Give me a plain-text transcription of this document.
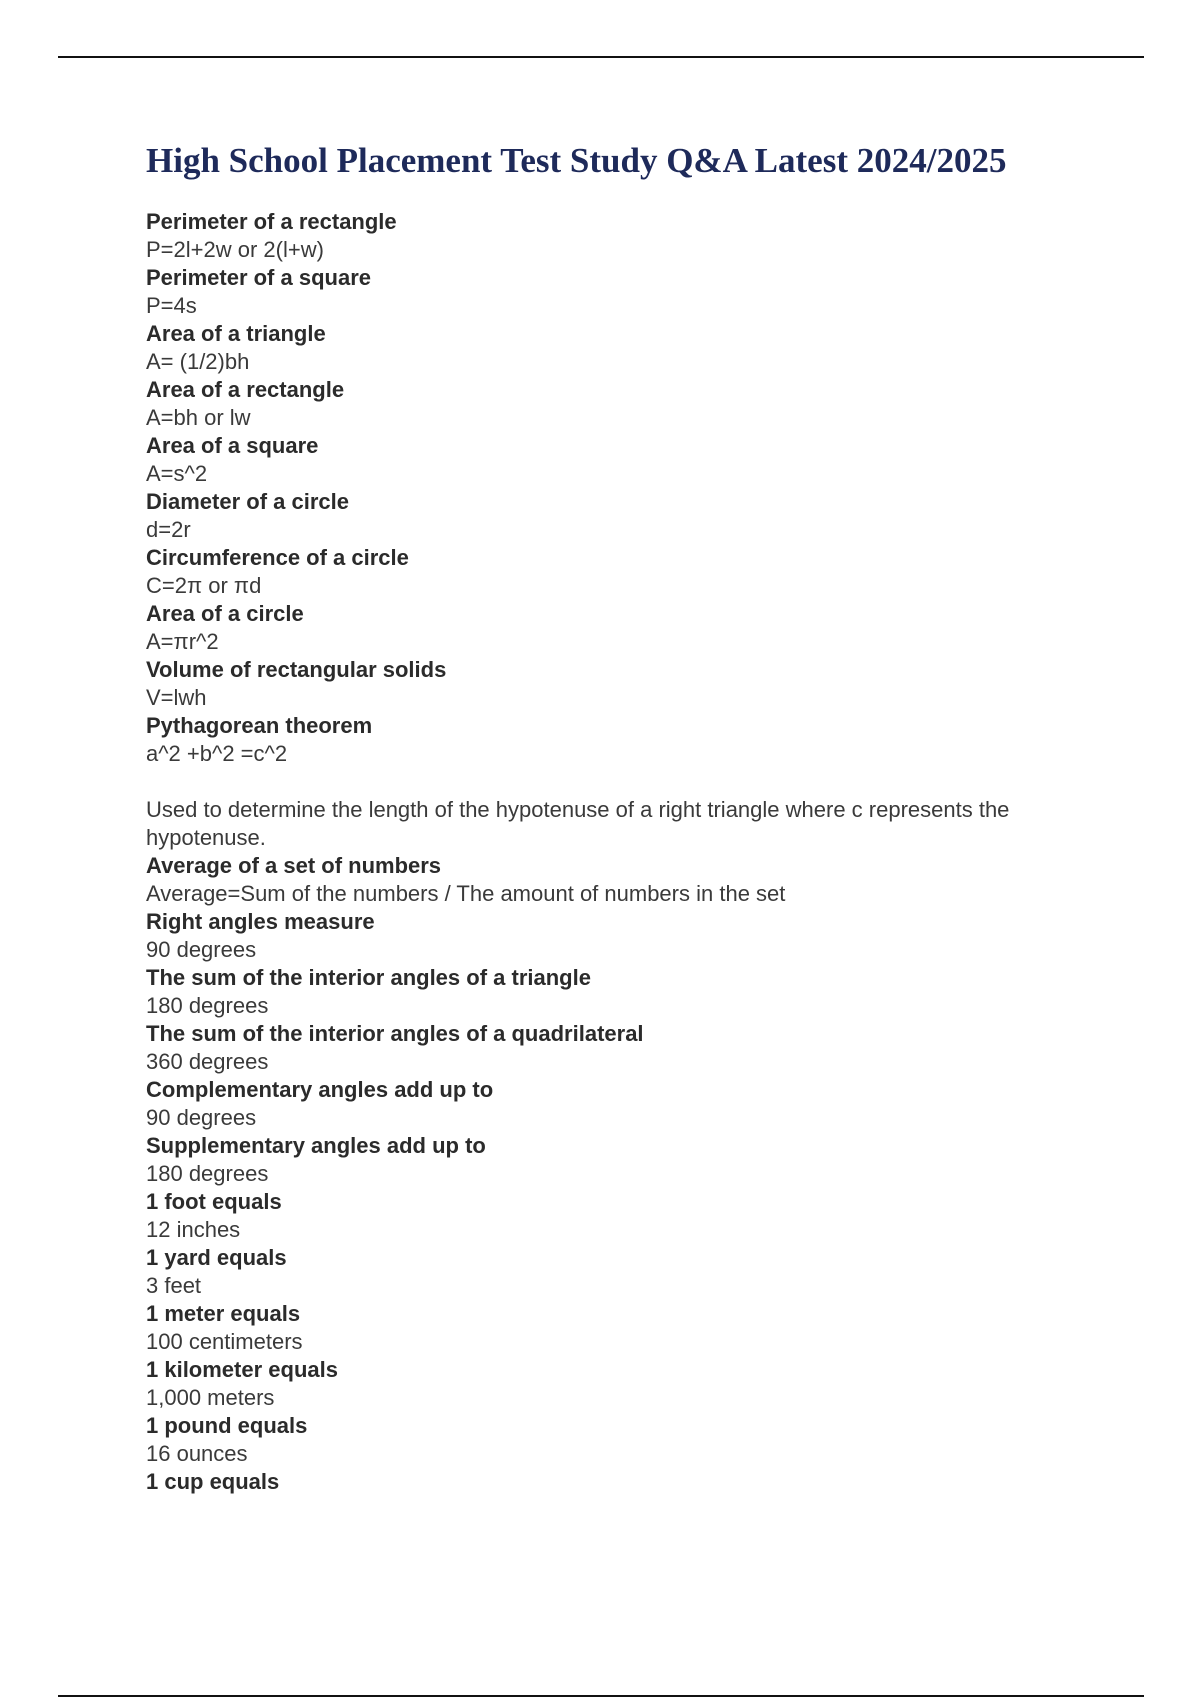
High School Placement Test Study Q&A Latest 2024/2025
Perimeter of a rectangle
P=2l+2w or 2(l+w)
Perimeter of a square
P=4s
Area of a triangle
A= (1/2)bh
Area of a rectangle
A=bh or lw
Area of a square
A=s^2
Diameter of a circle
d=2r
Circumference of a circle
C=2π or πd
Area of a circle
A=πr^2
Volume of rectangular solids
V=lwh
Pythagorean theorem
a^2 +b^2 =c^2

Used to determine the length of the hypotenuse of a right triangle where c represents the hypotenuse.
Average of a set of numbers
Average=Sum of the numbers / The amount of numbers in the set
Right angles measure
90 degrees
The sum of the interior angles of a triangle
180 degrees
The sum of the interior angles of a quadrilateral
360 degrees
Complementary angles add up to
90 degrees
Supplementary angles add up to
180 degrees
1 foot equals
12 inches
1 yard equals
3 feet
1 meter equals
100 centimeters
1 kilometer equals
1,000 meters
1 pound equals
16 ounces
1 cup equals
